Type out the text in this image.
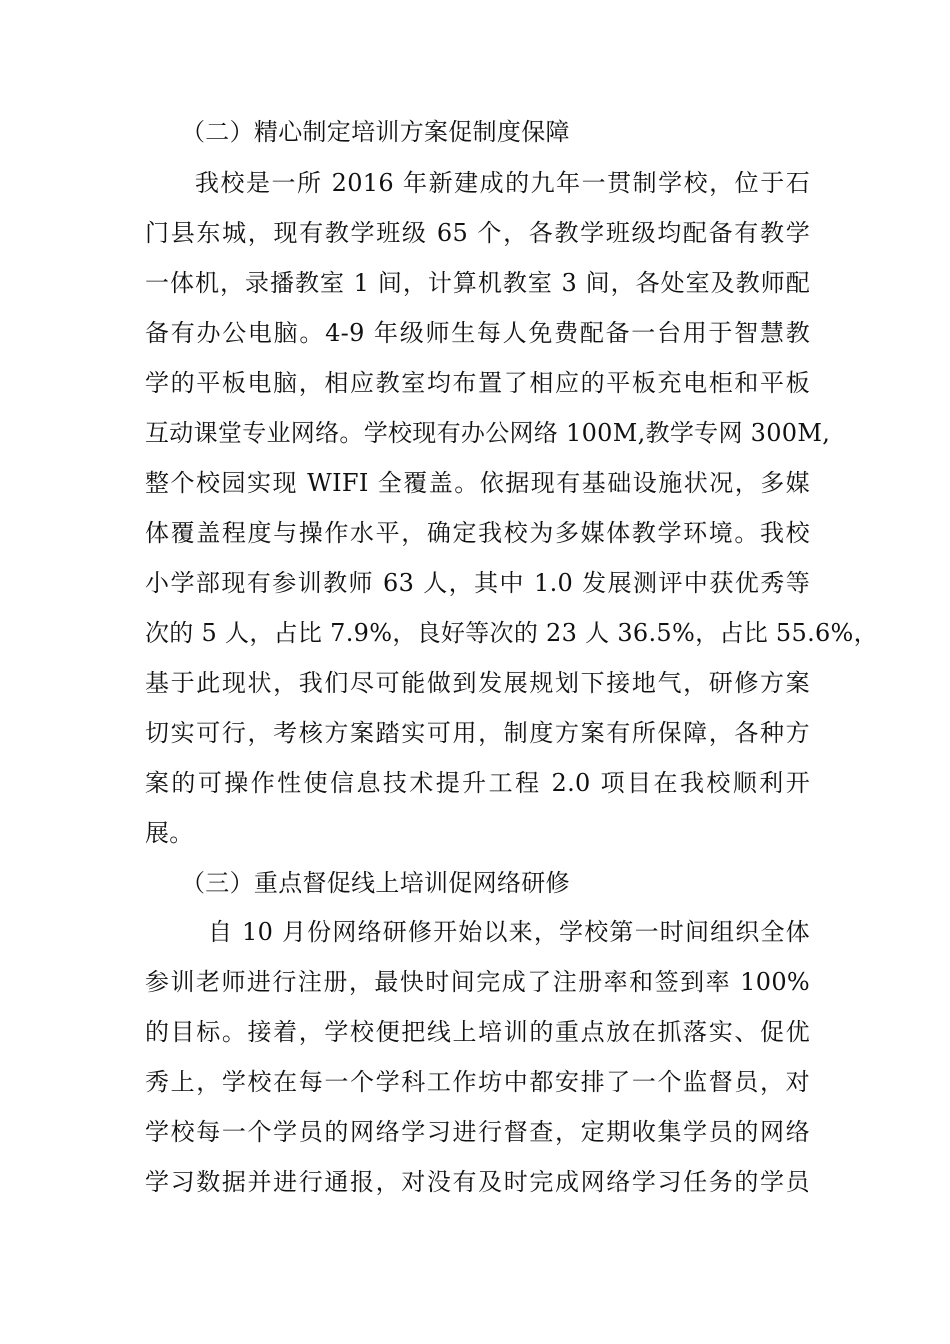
（二）精心制定培训方案促制度保障
我校是一所 2016 年新建成的九年一贯制学校，位于石
门县东城，现有教学班级 65 个，各教学班级均配备有教学
一体机，录播教室 1 间，计算机教室 3 间，各处室及教师配
备有办公电脑。4-9 年级师生每人免费配备一台用于智慧教
学的平板电脑，相应教室均布置了相应的平板充电柜和平板
互动课堂专业网络。学校现有办公网络 100M,教学专网 300M,
整个校园实现 WIFI 全覆盖。依据现有基础设施状况，多媒
体覆盖程度与操作水平，确定我校为多媒体教学环境。我校
小学部现有参训教师 63 人，其中 1.0 发展测评中获优秀等
次的 5 人，占比 7.9%，良好等次的 23 人 36.5%，占比 55.6%，
基于此现状，我们尽可能做到发展规划下接地气，研修方案
切实可行，考核方案踏实可用，制度方案有所保障，各种方
案的可操作性使信息技术提升工程 2.0 项目在我校顺利开
展。
（三）重点督促线上培训促网络研修
自 10 月份网络研修开始以来，学校第一时间组织全体
参训老师进行注册，最快时间完成了注册率和签到率 100%
的目标。接着，学校便把线上培训的重点放在抓落实、促优
秀上，学校在每一个学科工作坊中都安排了一个监督员，对
学校每一个学员的网络学习进行督查，定期收集学员的网络
学习数据并进行通报，对没有及时完成网络学习任务的学员
